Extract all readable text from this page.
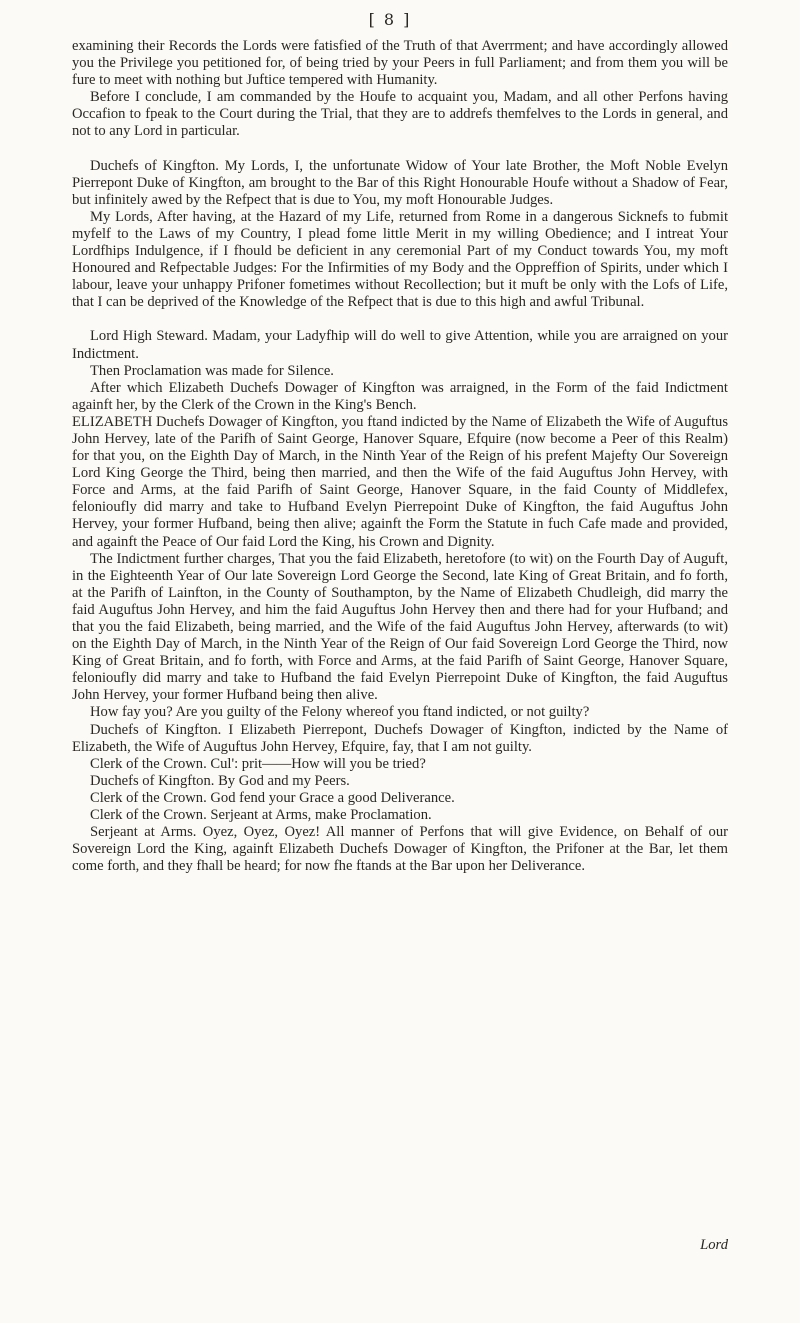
[ 8 ]

examining their Records the Lords were fatisfied of the Truth of that Averrment; and have accordingly allowed you the Privilege you petitioned for, of being tried by your Peers in full Parliament; and from them you will be fure to meet with nothing but Juftice tempered with Humanity.

Before I conclude, I am commanded by the Houfe to acquaint you, Madam, and all other Perfons having Occafion to fpeak to the Court during the Trial, that they are to addrefs themfelves to the Lords in general, and not to any Lord in particular.

Duchefs of Kingfton. My Lords, I, the unfortunate Widow of Your late Brother, the Moft Noble Evelyn Pierrepont Duke of Kingfton, am brought to the Bar of this Right Honourable Houfe without a Shadow of Fear, but infinitely awed by the Refpect that is due to You, my moft Honourable Judges.

My Lords, After having, at the Hazard of my Life, returned from Rome in a dangerous Sicknefs to fubmit myfelf to the Laws of my Country, I plead fome little Merit in my willing Obedience; and I intreat Your Lordfhips Indulgence, if I fhould be deficient in any ceremonial Part of my Conduct towards You, my moft Honoured and Refpectable Judges: For the Infirmities of my Body and the Oppreffion of Spirits, under which I labour, leave your unhappy Prifoner fometimes without Recollection; but it muft be only with the Lofs of Life, that I can be deprived of the Knowledge of the Refpect that is due to this high and awful Tribunal.

Lord High Steward. Madam, your Ladyfhip will do well to give Attention, while you are arraigned on your Indictment.

Then Proclamation was made for Silence.

After which Elizabeth Duchefs Dowager of Kingfton was arraigned, in the Form of the faid Indictment againft her, by the Clerk of the Crown in the King's Bench.

ELIZABETH Duchefs Dowager of Kingfton, you ftand indicted by the Name of Elizabeth the Wife of Auguftus John Hervey, late of the Parifh of Saint George, Hanover Square, Efquire (now become a Peer of this Realm) for that you, on the Eighth Day of March, in the Ninth Year of the Reign of his prefent Majefty Our Sovereign Lord King George the Third, being then married, and then the Wife of the faid Auguftus John Hervey, with Force and Arms, at the faid Parifh of Saint George, Hanover Square, in the faid County of Middlefex, felonioufly did marry and take to Hufband Evelyn Pierrepoint Duke of Kingfton, the faid Auguftus John Hervey, your former Hufband, being then alive; againft the Form the Statute in fuch Cafe made and provided, and againft the Peace of Our faid Lord the King, his Crown and Dignity.

The Indictment further charges, That you the faid Elizabeth, heretofore (to wit) on the Fourth Day of Auguft, in the Eighteenth Year of Our late Sovereign Lord George the Second, late King of Great Britain, and fo forth, at the Parifh of Lainfton, in the County of Southampton, by the Name of Elizabeth Chudleigh, did marry the faid Auguftus John Hervey, and him the faid Auguftus John Hervey then and there had for your Hufband; and that you the faid Elizabeth, being married, and the Wife of the faid Auguftus John Hervey, afterwards (to wit) on the Eighth Day of March, in the Ninth Year of the Reign of Our faid Sovereign Lord George the Third, now King of Great Britain, and fo forth, with Force and Arms, at the faid Parifh of Saint George, Hanover Square, felonioufly did marry and take to Hufband the faid Evelyn Pierrepoint Duke of Kingfton, the faid Auguftus John Hervey, your former Hufband being then alive.

How fay you? Are you guilty of the Felony whereof you ftand indicted, or not guilty?

Duchefs of Kingfton. I Elizabeth Pierrepont, Duchefs Dowager of Kingfton, indicted by the Name of Elizabeth, the Wife of Auguftus John Hervey, Efquire, fay, that I am not guilty.

Clerk of the Crown. Cul': prit——How will you be tried?

Duchefs of Kingfton. By God and my Peers.

Clerk of the Crown. God fend your Grace a good Deliverance.

Clerk of the Crown. Serjeant at Arms, make Proclamation.

Serjeant at Arms. Oyez, Oyez, Oyez! All manner of Perfons that will give Evidence, on Behalf of our Sovereign Lord the King, againft Elizabeth Duchefs Dowager of Kingfton, the Prifoner at the Bar, let them come forth, and they fhall be heard; for now fhe ftands at the Bar upon her Deliverance.

Lord
